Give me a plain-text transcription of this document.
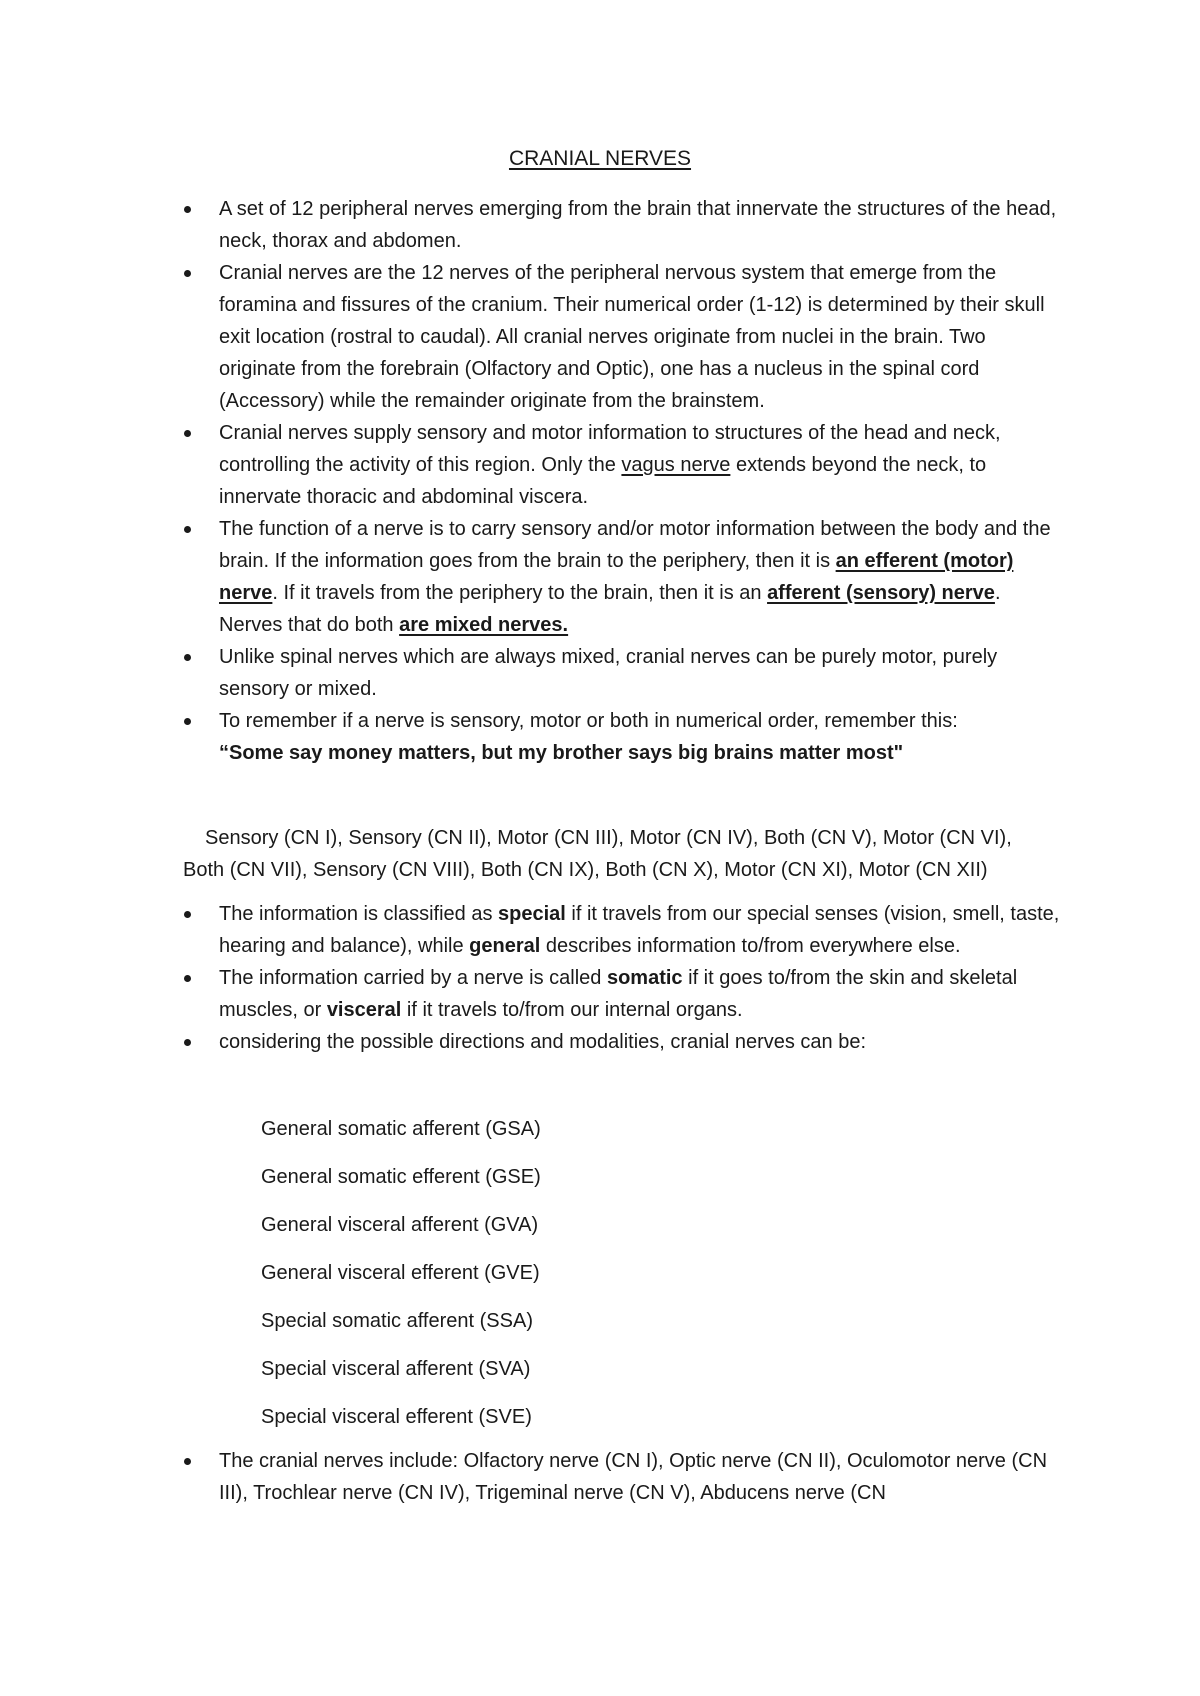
CRANIAL NERVES
A set of 12 peripheral nerves emerging from the brain that innervate the structures of the head, neck, thorax and abdomen.
Cranial nerves are the 12 nerves of the peripheral nervous system that emerge from the foramina and fissures of the cranium. Their numerical order (1-12) is determined by their skull exit location (rostral to caudal). All cranial nerves originate from nuclei in the brain. Two originate from the forebrain (Olfactory and Optic), one has a nucleus in the spinal cord (Accessory) while the remainder originate from the brainstem.
Cranial nerves supply sensory and motor information to structures of the head and neck, controlling the activity of this region. Only the vagus nerve extends beyond the neck, to innervate thoracic and abdominal viscera.
The function of a nerve is to carry sensory and/or motor information between the body and the brain. If the information goes from the brain to the periphery, then it is an efferent (motor) nerve. If it travels from the periphery to the brain, then it is an afferent (sensory) nerve. Nerves that do both are mixed nerves.
Unlike spinal nerves which are always mixed, cranial nerves can be purely motor, purely sensory or mixed.
To remember if a nerve is sensory, motor or both in numerical order, remember this:
“Some say money matters, but my brother says big brains matter most"
Sensory (CN I), Sensory (CN II), Motor (CN III), Motor (CN IV), Both (CN V), Motor (CN VI), Both (CN VII), Sensory (CN VIII), Both (CN IX), Both (CN X), Motor (CN XI), Motor (CN XII)
The information is classified as special if it travels from our special senses (vision, smell, taste, hearing and balance), while general describes information to/from everywhere else.
The information carried by a nerve is called somatic if it goes to/from the skin and skeletal muscles, or visceral if it travels to/from our internal organs.
considering the possible directions and modalities, cranial nerves can be:
General somatic afferent (GSA)
General somatic efferent (GSE)
General visceral afferent (GVA)
General visceral efferent (GVE)
Special somatic afferent (SSA)
Special visceral afferent (SVA)
Special visceral efferent (SVE)
The cranial nerves include: Olfactory nerve (CN I), Optic nerve (CN II), Oculomotor nerve (CN III), Trochlear nerve (CN IV), Trigeminal nerve (CN V), Abducens nerve (CN
